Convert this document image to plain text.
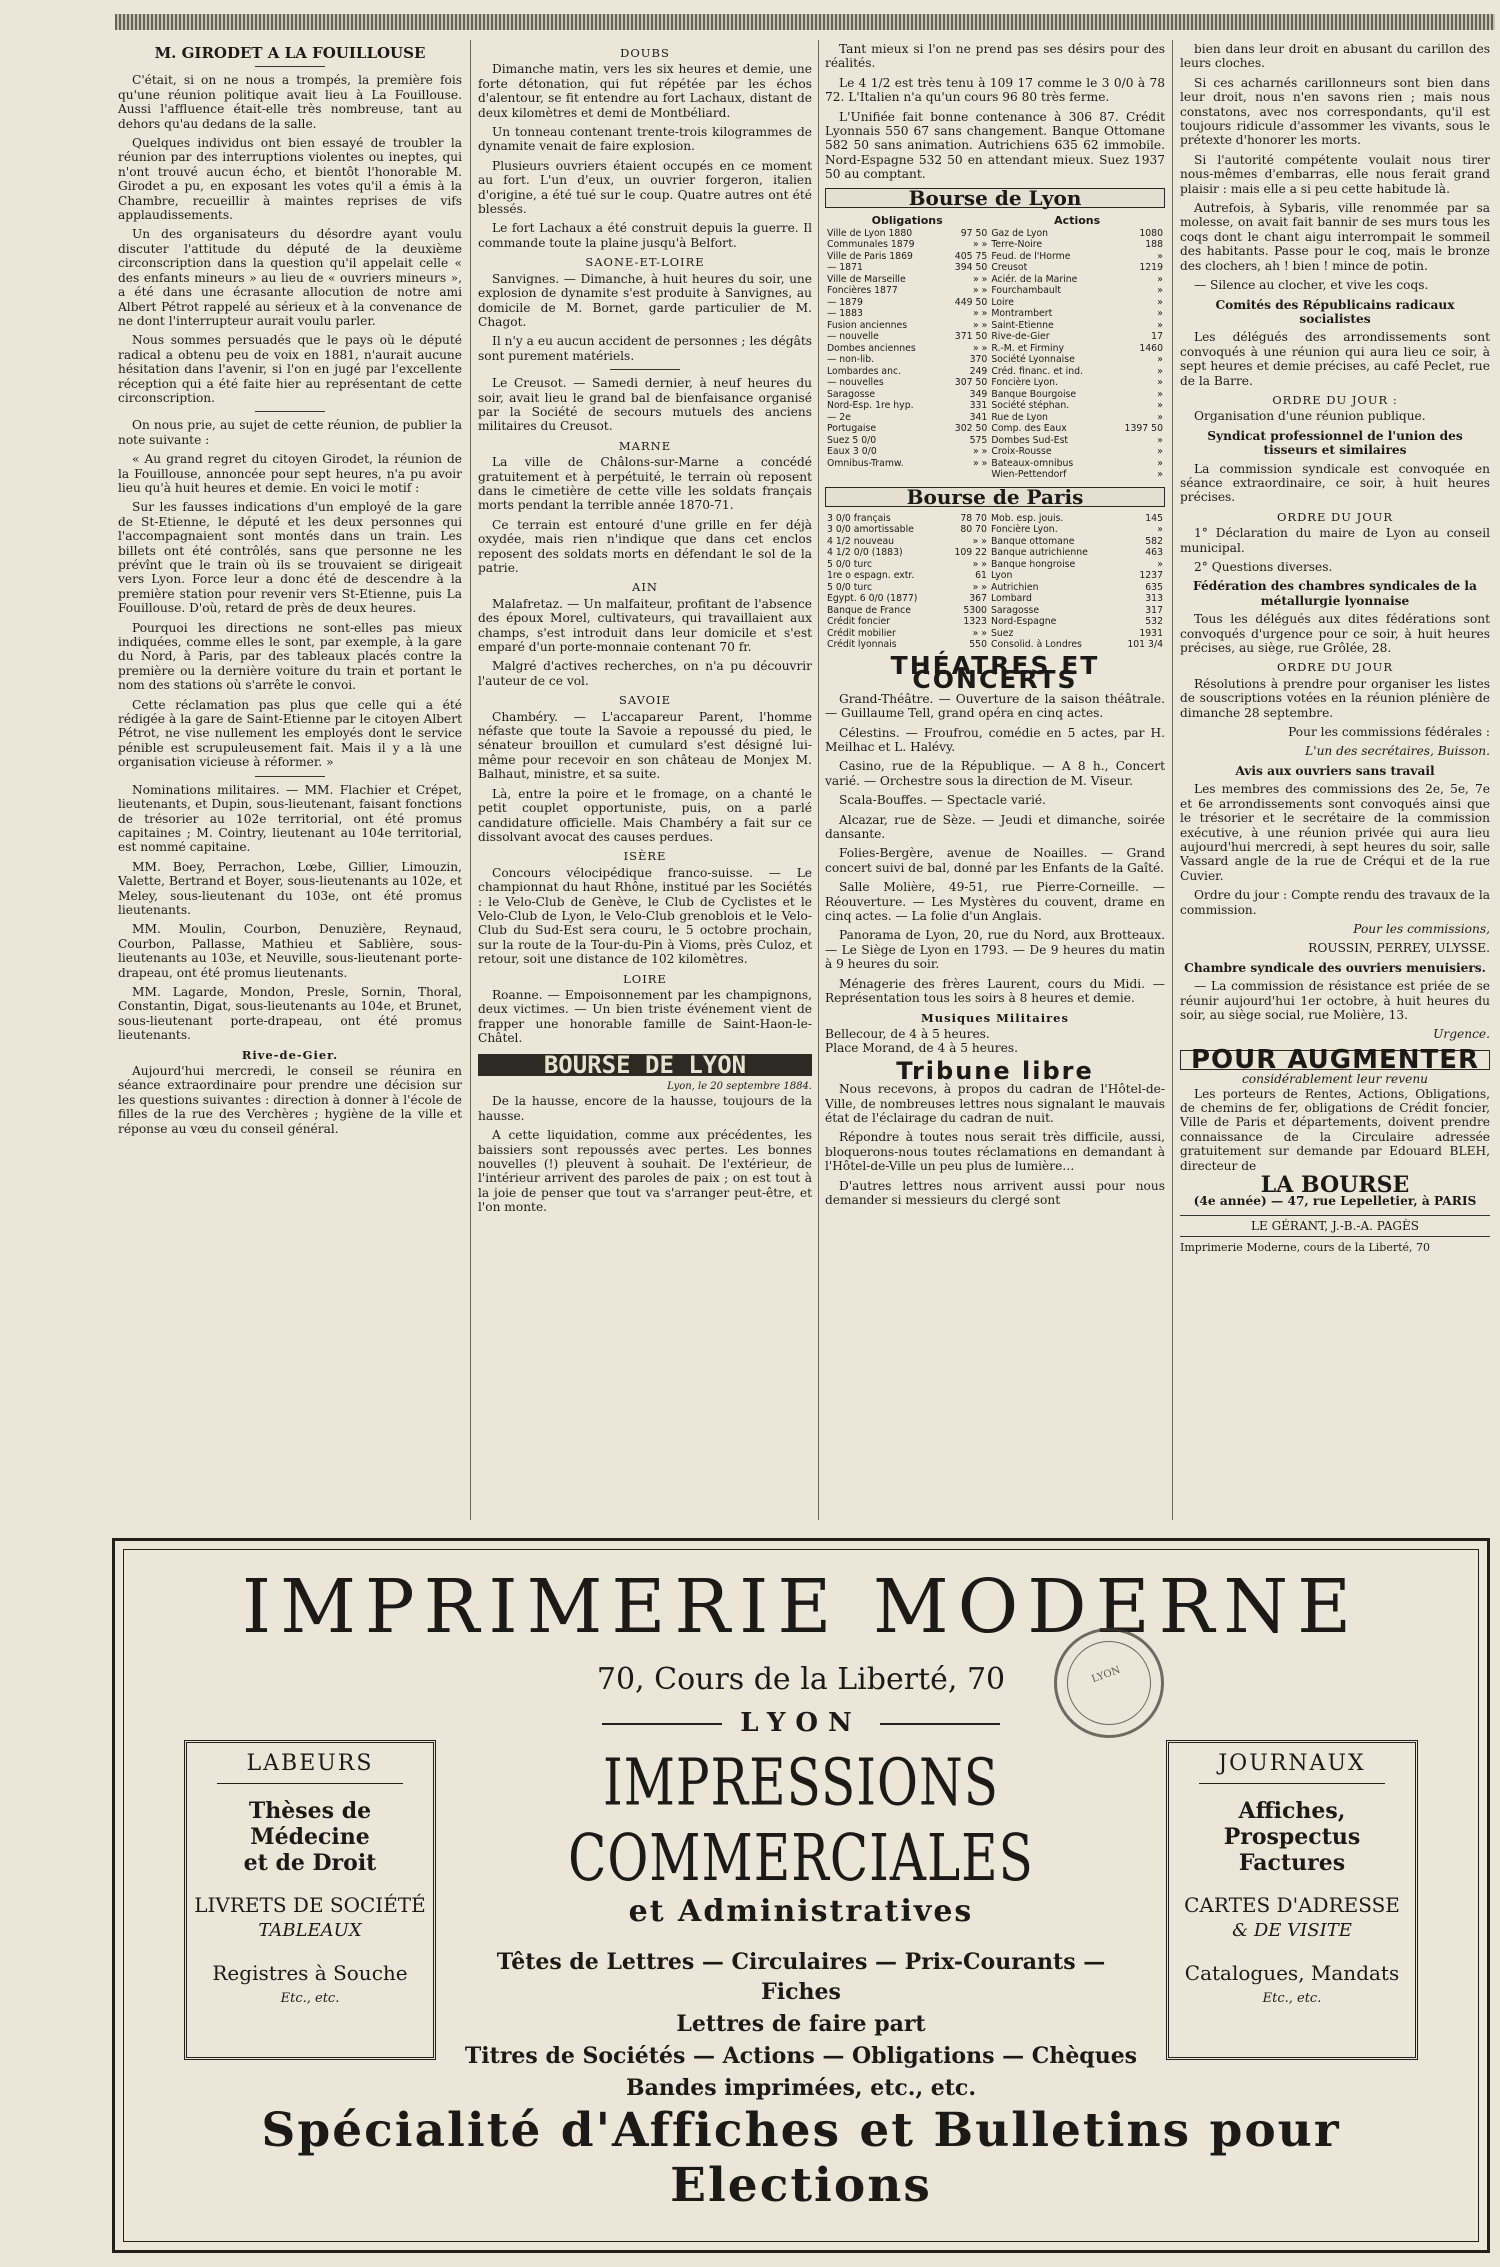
M. GIRODET A LA FOUILLOUSE

C'était, si on ne nous a trompés, la première fois qu'une réunion politique avait lieu à La Fouillouse. Aussi l'affluence était-elle très nombreuse, tant au dehors qu'au dedans de la salle.

Quelques individus ont bien essayé de troubler la réunion par des interruptions violentes ou ineptes, qui n'ont trouvé aucun écho, et bientôt l'honorable M. Girodet a pu, en exposant les votes qu'il a émis à la Chambre, recueillir à maintes reprises de vifs applaudissements.

Un des organisateurs du désordre ayant voulu discuter l'attitude du député de la deuxième circonscription dans la question qu'il appelait celle « des enfants mineurs » au lieu de « ouvriers mineurs », a été dans une écrasante allocution de notre ami Albert Pétrot rappelé au sérieux et à la convenance de ne dont l'interrupteur aurait voulu parler.

Nous sommes persuadés que le pays où le député radical a obtenu peu de voix en 1881, n'aurait aucune hésitation dans l'avenir, si l'on en jugé par l'excellente réception qui a été faite hier au représentant de cette circonscription.

On nous prie, au sujet de cette réunion, de publier la note suivante :

« Au grand regret du citoyen Girodet, la réunion de la Fouillouse, annoncée pour sept heures, n'a pu avoir lieu qu'à huit heures et demie. En voici le motif :

Sur les fausses indications d'un employé de la gare de St-Etienne, le député et les deux personnes qui l'accompagnaient sont montés dans un train. Les billets ont été contrôlés, sans que personne ne les prévînt que le train où ils se trouvaient se dirigeait vers Lyon. Force leur a donc été de descendre à la première station pour revenir vers St-Etienne, puis La Fouillouse. D'où, retard de près de deux heures.

Pourquoi les directions ne sont-elles pas mieux indiquées, comme elles le sont, par exemple, à la gare du Nord, à Paris, par des tableaux placés contre la première ou la dernière voiture du train et portant le nom des stations où s'arrête le convoi.

Cette réclamation pas plus que celle qui a été rédigée à la gare de Saint-Etienne par le citoyen Albert Pétrot, ne vise nullement les employés dont le service pénible est scrupuleusement fait. Mais il y a là une organisation vicieuse à réformer. »

Nominations militaires. — MM. Flachier et Crépet, lieutenants, et Dupin, sous-lieutenant, faisant fonctions de trésorier au 102e territorial, ont été promus capitaines ; M. Cointry, lieutenant au 104e territorial, est nommé capitaine.

MM. Boey, Perrachon, Lœbe, Gillier, Limouzin, Valette, Bertrand et Boyer, sous-lieutenants au 102e, et Meley, sous-lieutenant du 103e, ont été promus lieutenants.

MM. Moulin, Courbon, Denuzière, Reynaud, Courbon, Pallasse, Mathieu et Sablière, sous-lieutenants au 103e, et Neuville, sous-lieutenant porte-drapeau, ont été promus lieutenants.

MM. Lagarde, Mondon, Presle, Sornin, Thoral, Constantin, Digat, sous-lieutenants au 104e, et Brunet, sous-lieutenant porte-drapeau, ont été promus lieutenants.

Rive-de-Gier.

Aujourd'hui mercredi, le conseil se réunira en séance extraordinaire pour prendre une décision sur les questions suivantes : direction à donner à l'école de filles de la rue des Verchères ; hygiène de la ville et réponse au vœu du conseil général.

DOUBS

Dimanche matin, vers les six heures et demie, une forte détonation, qui fut répétée par les échos d'alentour, se fit entendre au fort Lachaux, distant de deux kilomètres et demi de Montbéliard.

Un tonneau contenant trente-trois kilogrammes de dynamite venait de faire explosion.

Plusieurs ouvriers étaient occupés en ce moment au fort. L'un d'eux, un ouvrier forgeron, italien d'origine, a été tué sur le coup. Quatre autres ont été blessés.

Le fort Lachaux a été construit depuis la guerre. Il commande toute la plaine jusqu'à Belfort.

SAONE-ET-LOIRE

Sanvignes. — Dimanche, à huit heures du soir, une explosion de dynamite s'est produite à Sanvignes, au domicile de M. Bornet, garde particulier de M. Chagot.

Il n'y a eu aucun accident de personnes ; les dégâts sont purement matériels.

Le Creusot. — Samedi dernier, à neuf heures du soir, avait lieu le grand bal de bienfaisance organisé par la Société de secours mutuels des anciens militaires du Creusot.

MARNE

La ville de Châlons-sur-Marne a concédé gratuitement et à perpétuité, le terrain où reposent dans le cimetière de cette ville les soldats français morts pendant la terrible année 1870-71.

Ce terrain est entouré d'une grille en fer déjà oxydée, mais rien n'indique que dans cet enclos reposent des soldats morts en défendant le sol de la patrie.

AIN

Malafretaz. — Un malfaiteur, profitant de l'absence des époux Morel, cultivateurs, qui travaillaient aux champs, s'est introduit dans leur domicile et s'est emparé d'un porte-monnaie contenant 70 fr.

Malgré d'actives recherches, on n'a pu découvrir l'auteur de ce vol.

SAVOIE

Chambéry. — L'accapareur Parent, l'homme néfaste que toute la Savoie a repoussé du pied, le sénateur brouillon et cumulard s'est désigné lui-même pour recevoir en son château de Monjex M. Balhaut, ministre, et sa suite.

Là, entre la poire et le fromage, on a chanté le petit couplet opportuniste, puis, on a parlé candidature officielle. Mais Chambéry a fait sur ce dissolvant avocat des causes perdues.

ISÈRE

Concours vélocipédique franco-suisse. — Le championnat du haut Rhône, institué par les Sociétés : le Velo-Club de Genève, le Club de Cyclistes et le Velo-Club de Lyon, le Velo-Club grenoblois et le Velo-Club du Sud-Est sera couru, le 5 octobre prochain, sur la route de la Tour-du-Pin à Vioms, près Culoz, et retour, soit une distance de 102 kilomètres.

LOIRE

Roanne. — Empoisonnement par les champignons, deux victimes. — Un bien triste événement vient de frapper une honorable famille de Saint-Haon-le-Châtel.

BOURSE DE LYON
Lyon, le 20 septembre 1884.

De la hausse, encore de la hausse, toujours de la hausse.

A cette liquidation, comme aux précédentes, les baissiers sont repoussés avec pertes. Les bonnes nouvelles (!) pleuvent à souhait. De l'extérieur, de l'intérieur arrivent des paroles de paix ; on est tout à la joie de penser que tout va s'arranger peut-être, et l'on monte.

Tant mieux si l'on ne prend pas ses désirs pour des réalités.

Le 4 1/2 est très tenu à 109 17 comme le 3 0/0 à 78 72. L'Italien n'a qu'un cours 96 80 très ferme.

L'Unifiée fait bonne contenance à 306 87. Crédit Lyonnais 550 67 sans changement. Banque Ottomane 582 50 sans animation. Autrichiens 635 62 immobile. Nord-Espagne 532 50 en attendant mieux. Suez 1937 50 au comptant.

Bourse de Lyon
Obligations		Actions	
Ville de Lyon 1880	97 50	Gaz de Lyon	1080
Communales 1879	» »	Terre-Noire	188
Ville de Paris 1869	405 75	Feud. de l'Horme	»
— 1871	394 50	Creusot	1219
Ville de Marseille	» »	Aciér. de la Marine	»
Foncières 1877	» »	Fourchambault	»
— 1879	449 50	Loire	»
— 1883	» »	Montrambert	»
Fusion anciennes	» »	Saint-Etienne	»
— nouvelle	371 50	Rive-de-Gier	17
Dombes anciennes	» »	R.-M. et Firminy	1460
— non-lib.	370	Société Lyonnaise	»
Lombardes anc.	249	Créd. financ. et ind.	»
— nouvelles	307 50	Foncière Lyon.	»
Saragosse	349	Banque Bourgoise	»
Nord-Esp. 1re hyp.	331	Société stéphan.	»
— 2e	341	Rue de Lyon	»
Portugaise	302 50	Comp. des Eaux	1397 50
Suez 5 0/0	575	Dombes Sud-Est	»
Eaux 3 0/0	» »	Croix-Rousse	»
Omnibus-Tramw.	» »	Bateaux-omnibus	»
		Wien-Pettendorf	»
Bourse de Paris
3 0/0 français	78 70	Mob. esp. jouis.	145
3 0/0 amortissable	80 70	Foncière Lyon.	»
4 1/2 nouveau	» »	Banque ottomane	582
4 1/2 0/0 (1883)	109 22	Banque autrichienne	463
5 0/0 turc	» »	Banque hongroise	»
1re o espagn. extr.	61	Lyon	1237
5 0/0 turc	» »	Autrichien	635
Egypt. 6 0/0 (1877)	367	Lombard	313
Banque de France	5300	Saragosse	317
Crédit foncier	1323	Nord-Espagne	532
Crédit mobilier	» »	Suez	1931
Crédit lyonnais	550	Consolid. à Londres	101 3/4
THÉATRES ET CONCERTS

Grand-Théâtre. — Ouverture de la saison théâtrale. — Guillaume Tell, grand opéra en cinq actes.

Célestins. — Froufrou, comédie en 5 actes, par H. Meilhac et L. Halévy.

Casino, rue de la République. — A 8 h., Concert varié. — Orchestre sous la direction de M. Viseur.

Scala-Bouffes. — Spectacle varié.

Alcazar, rue de Sèze. — Jeudi et dimanche, soirée dansante.

Folies-Bergère, avenue de Noailles. — Grand concert suivi de bal, donné par les Enfants de la Gaîté.

Salle Molière, 49-51, rue Pierre-Corneille. — Réouverture. — Les Mystères du couvent, drame en cinq actes. — La folie d'un Anglais.

Panorama de Lyon, 20, rue du Nord, aux Brotteaux. — Le Siège de Lyon en 1793. — De 9 heures du matin à 9 heures du soir.

Ménagerie des frères Laurent, cours du Midi. — Représentation tous les soirs à 8 heures et demie.

Musiques Militaires

Bellecour, de 4 à 5 heures.

Place Morand, de 4 à 5 heures.

Tribune libre

Nous recevons, à propos du cadran de l'Hôtel-de-Ville, de nombreuses lettres nous signalant le mauvais état de l'éclairage du cadran de nuit.

Répondre à toutes nous serait très difficile, aussi, bloquerons-nous toutes réclamations en demandant à l'Hôtel-de-Ville un peu plus de lumière…

D'autres lettres nous arrivent aussi pour nous demander si messieurs du clergé sont

bien dans leur droit en abusant du carillon des leurs cloches.

Si ces acharnés carillonneurs sont bien dans leur droit, nous n'en savons rien ; mais nous constatons, avec nos correspondants, qu'il est toujours ridicule d'assommer les vivants, sous le prétexte d'honorer les morts.

Si l'autorité compétente voulait nous tirer nous-mêmes d'embarras, elle nous ferait grand plaisir : mais elle a si peu cette habitude là.

Autrefois, à Sybaris, ville renommée par sa molesse, on avait fait bannir de ses murs tous les coqs dont le chant aigu interrompait le sommeil des habitants. Passe pour le coq, mais le bronze des clochers, ah ! bien ! mince de potin.

— Silence au clocher, et vive les coqs.

Comités des Républicains radicaux socialistes

Les délégués des arrondissements sont convoqués à une réunion qui aura lieu ce soir, à sept heures et demie précises, au café Peclet, rue de la Barre.

ORDRE DU JOUR :

Organisation d'une réunion publique.

Syndicat professionnel de l'union des tisseurs et similaires

La commission syndicale est convoquée en séance extraordinaire, ce soir, à huit heures précises.

ORDRE DU JOUR

1° Déclaration du maire de Lyon au conseil municipal.

2° Questions diverses.

Fédération des chambres syndicales de la métallurgie lyonnaise

Tous les délégués aux dites fédérations sont convoqués d'urgence pour ce soir, à huit heures précises, au siège, rue Grôlée, 28.

ORDRE DU JOUR

Résolutions à prendre pour organiser les listes de souscriptions votées en la réunion plénière de dimanche 28 septembre.

Pour les commissions fédérales :

L'un des secrétaires, Buisson.

Avis aux ouvriers sans travail

Les membres des commissions des 2e, 5e, 7e et 6e arrondissements sont convoqués ainsi que le trésorier et le secrétaire de la commission exécutive, à une réunion privée qui aura lieu aujourd'hui mercredi, à sept heures du soir, salle Vassard angle de la rue de Créqui et de la rue Cuvier.

Ordre du jour : Compte rendu des travaux de la commission.

Pour les commissions,

ROUSSIN, PERREY, ULYSSE.

Chambre syndicale des ouvriers menuisiers.

— La commission de résistance est priée de se réunir aujourd'hui 1er octobre, à huit heures du soir, au siège social, rue Molière, 13.

Urgence.

POUR AUGMENTER
considérablement leur revenu

Les porteurs de Rentes, Actions, Obligations, de chemins de fer, obligations de Crédit foncier, Ville de Paris et départements, doivent prendre connaissance de la Circulaire adressée gratuitement sur demande par Edouard BLEH, directeur de

LA BOURSE
(4e année) — 47, rue Lepelletier, à PARIS
LE GÉRANT, J.-B.-A. PAGÈS
Imprimerie Moderne, cours de la Liberté, 70
IMPRIMERIE MODERNE
70, Cours de la Liberté, 70
LYON
LYON
LABEURS
Thèses de Médecine
et de Droit
LIVRETS DE SOCIÉTÉ
TABLEAUX
Registres à Souche
Etc., etc.
IMPRESSIONS COMMERCIALES
et Administratives
Têtes de Lettres — Circulaires — Prix-Courants — Fiches
Lettres de faire part
Titres de Sociétés — Actions — Obligations — Chèques
Bandes imprimées, etc., etc.
JOURNAUX
Affiches, Prospectus
Factures
CARTES D'ADRESSE
& DE VISITE
Catalogues, Mandats
Etc., etc.
Spécialité d'Affiches et Bulletins pour Elections
